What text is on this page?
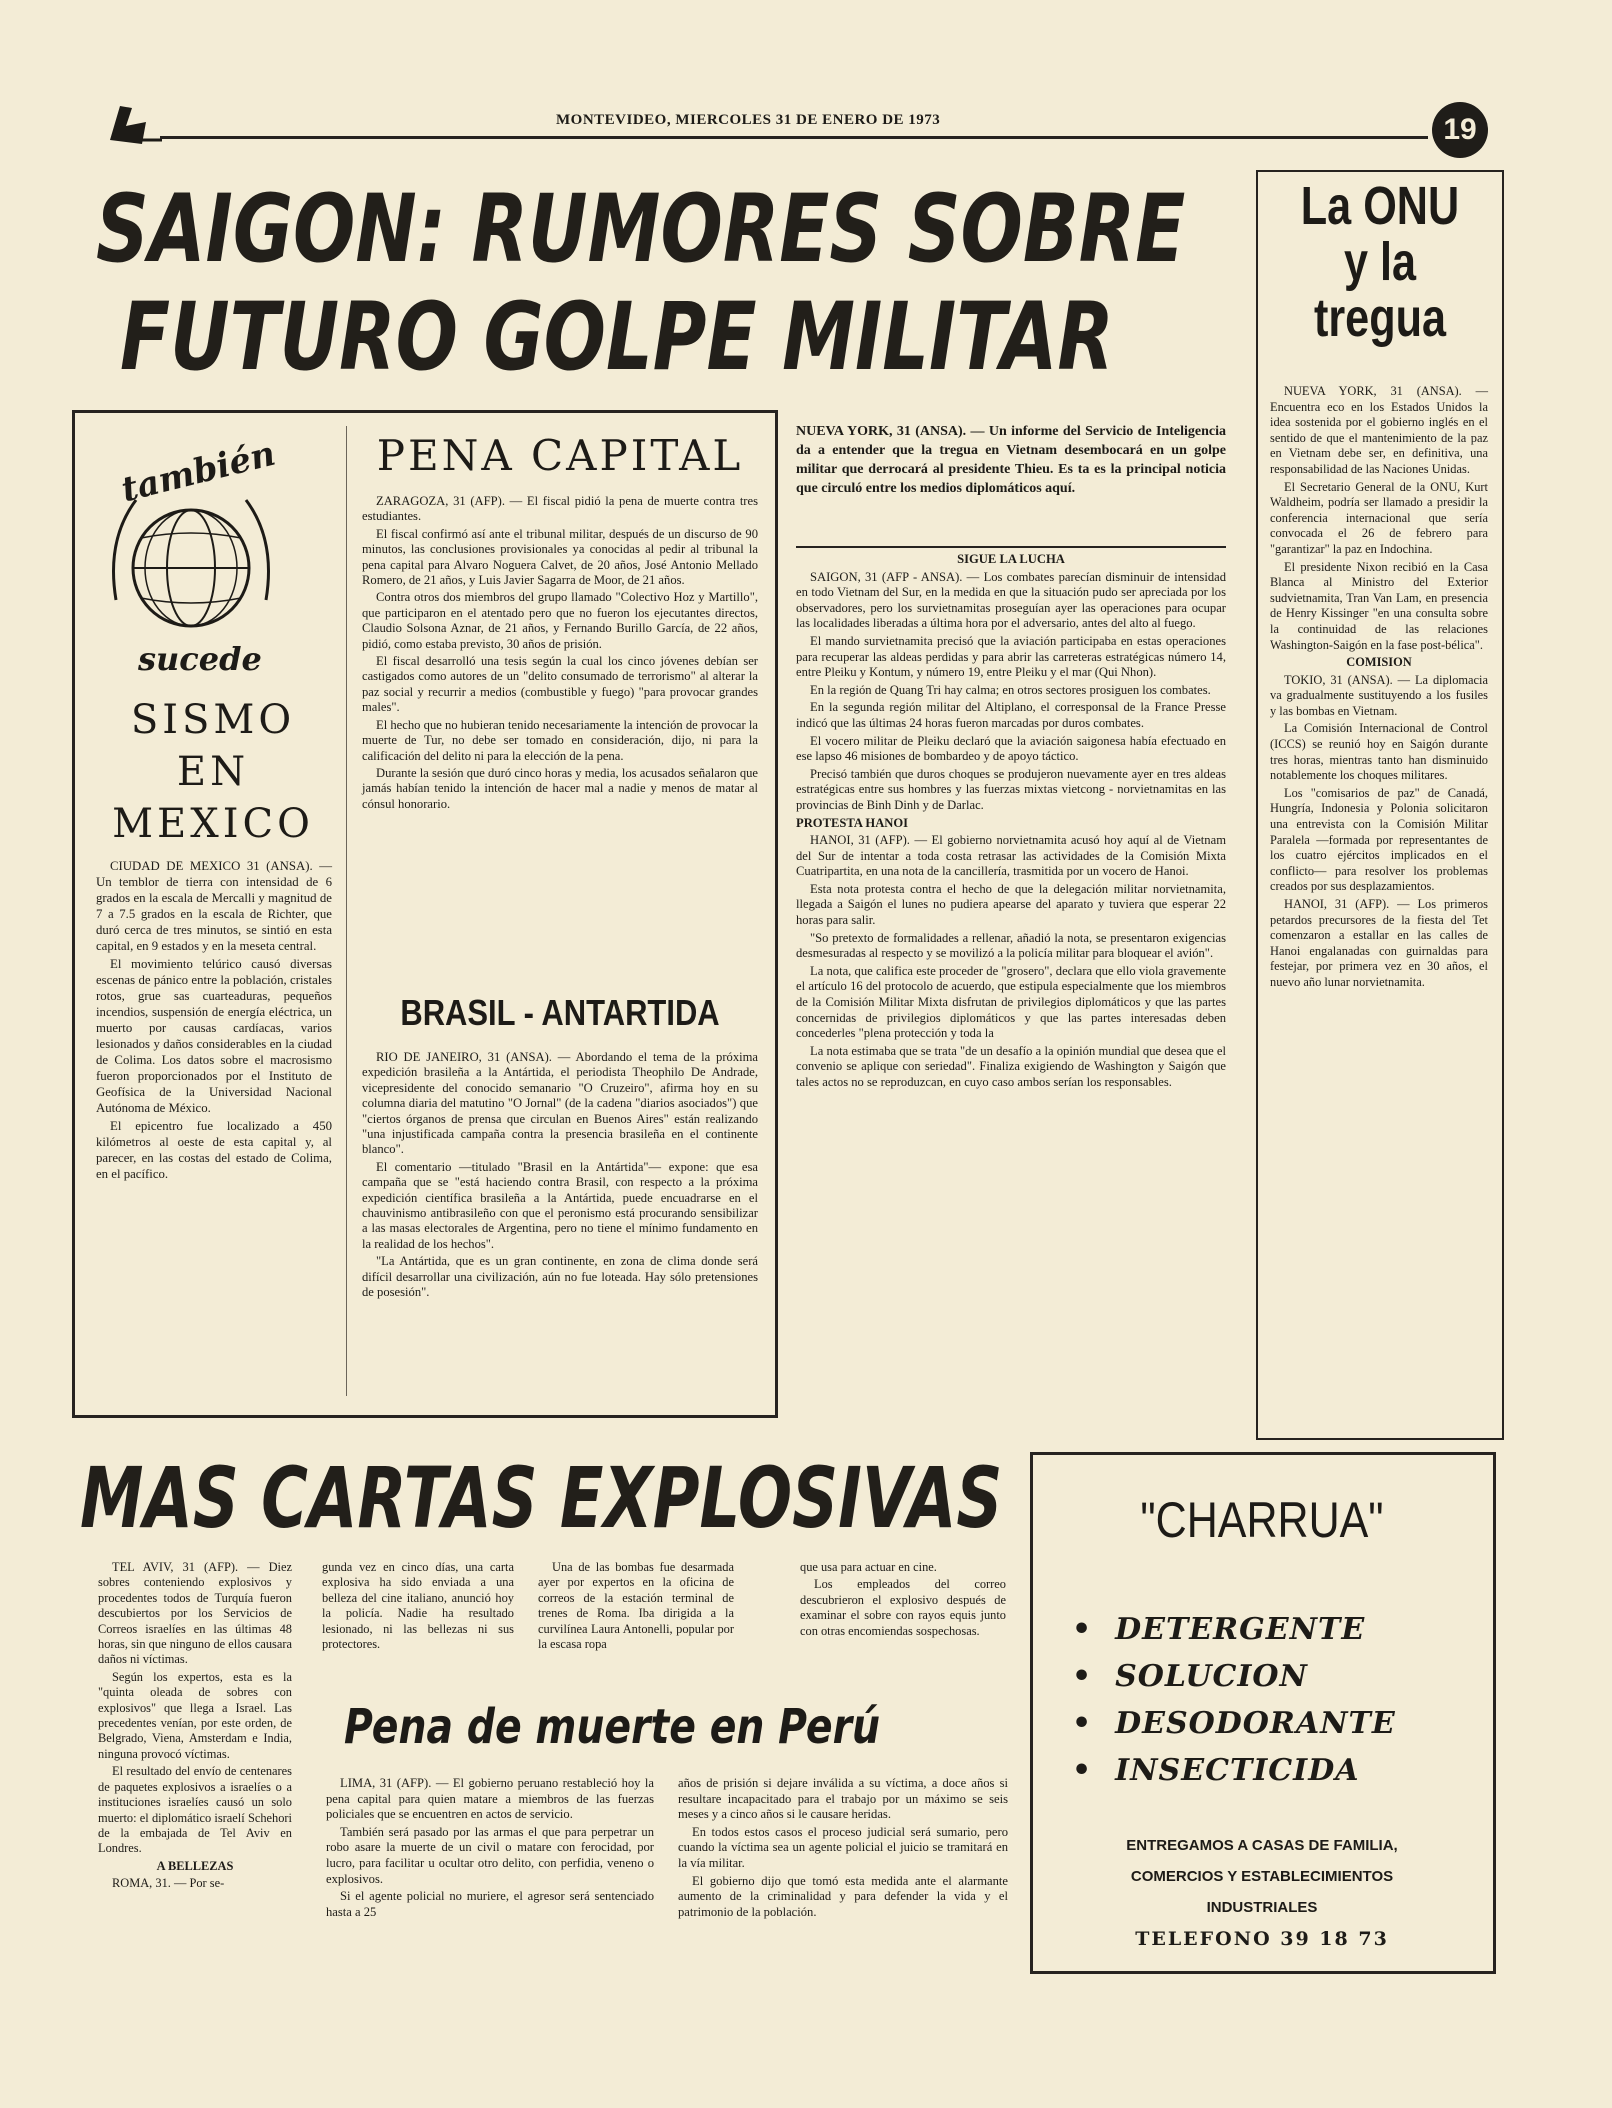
MONTEVIDEO, MIERCOLES 31 DE ENERO DE 1973	19
SAIGON: RUMORES SOBRE
FUTURO GOLPE MILITAR
también
sucede
SISMO
EN
MEXICO

CIUDAD DE MEXICO 31 (ANSA). — Un temblor de tierra con intensidad de 6 grados en la escala de Mercalli y magnitud de 7 a 7.5 grados en la escala de Richter, que duró cerca de tres minutos, se sintió en esta capital, en 9 estados y en la meseta central.

El movimiento telúrico causó diversas escenas de pánico entre la población, cristales rotos, grue sas cuarteaduras, pequeños incendios, suspensión de energía eléctrica, un muerto por causas cardíacas, varios lesionados y daños considerables en la ciudad de Colima. Los datos sobre el macrosismo fueron proporcionados por el Instituto de Geofísica de la Universidad Nacional Autónoma de México.

El epicentro fue localizado a 450 kilómetros al oeste de esta capital y, al parecer, en las costas del estado de Colima, en el pacífico.

PENA CAPITAL

ZARAGOZA, 31 (AFP). — El fiscal pidió la pena de muerte contra tres estudiantes.

El fiscal confirmó así ante el tribunal militar, después de un discurso de 90 minutos, las conclusiones provisionales ya conocidas al pedir al tribunal la pena capital para Alvaro Noguera Calvet, de 20 años, José Antonio Mellado Romero, de 21 años, y Luis Javier Sagarra de Moor, de 21 años.

Contra otros dos miembros del grupo llamado "Colectivo Hoz y Martillo", que participaron en el atentado pero que no fueron los ejecutantes directos, Claudio Solsona Aznar, de 21 años, y Fernando Burillo García, de 22 años, pidió, como estaba previsto, 30 años de prisión.

El fiscal desarrolló una tesis según la cual los cinco jóvenes debían ser castigados como autores de un "delito consumado de terrorismo" al alterar la paz social y recurrir a medios (combustible y fuego) "para provocar grandes males".

El hecho que no hubieran tenido necesariamente la intención de provocar la muerte de Tur, no debe ser tomado en consideración, dijo, ni para la calificación del delito ni para la elección de la pena.

Durante la sesión que duró cinco horas y media, los acusados señalaron que jamás habían tenido la intención de hacer mal a nadie y menos de matar al cónsul honorario.

BRASIL - ANTARTIDA

RIO DE JANEIRO, 31 (ANSA). — Abordando el tema de la próxima expedición brasileña a la Antártida, el periodista Theophilo De Andrade, vicepresidente del conocido semanario "O Cruzeiro", afirma hoy en su columna diaria del matutino "O Jornal" (de la cadena "diarios asociados") que "ciertos órganos de prensa que circulan en Buenos Aires" están realizando "una injustificada campaña contra la presencia brasileña en el continente blanco".

El comentario —titulado "Brasil en la Antártida"— expone: que esa campaña que se "está haciendo contra Brasil, con respecto a la próxima expedición científica brasileña a la Antártida, puede encuadrarse en el chauvinismo antibrasileño con que el peronismo está procurando sensibilizar a las masas electorales de Argentina, pero no tiene el mínimo fundamento en la realidad de los hechos".

"La Antártida, que es un gran continente, en zona de clima donde será difícil desarrollar una civilización, aún no fue loteada. Hay sólo pretensiones de posesión".

NUEVA YORK, 31 (ANSA). — Un informe del Servicio de Inteligencia da a entender que la tregua en Vietnam desembocará en un golpe militar que derrocará al presidente Thieu. Es ta es la principal noticia que circuló entre los medios diplomáticos aquí.

SIGUE LA LUCHA

SAIGON, 31 (AFP - ANSA). — Los combates parecían disminuir de intensidad en todo Vietnam del Sur, en la medida en que la situación pudo ser apreciada por los observadores, pero los survietnamitas proseguían ayer las operaciones para ocupar las localidades liberadas a última hora por el adversario, antes del alto al fuego.

El mando survietnamita precisó que la aviación participaba en estas operaciones para recuperar las aldeas perdidas y para abrir las carreteras estratégicas número 14, entre Pleiku y Kontum, y número 19, entre Pleiku y el mar (Qui Nhon).

En la región de Quang Tri hay calma; en otros sectores prosiguen los combates.

En la segunda región militar del Altiplano, el corresponsal de la France Presse indicó que las últimas 24 horas fueron marcadas por duros combates.

El vocero militar de Pleiku declaró que la aviación saigonesa había efectuado en ese lapso 46 misiones de bombardeo y de apoyo táctico.

Precisó también que duros choques se produjeron nuevamente ayer en tres aldeas estratégicas entre sus hombres y las fuerzas mixtas vietcong - norvietnamitas en las provincias de Binh Dinh y de Darlac.

PROTESTA HANOI

HANOI, 31 (AFP). — El gobierno norvietnamita acusó hoy aquí al de Vietnam del Sur de intentar a toda costa retrasar las actividades de la Comisión Mixta Cuatripartita, en una nota de la cancillería, trasmitida por un vocero de Hanoi.

Esta nota protesta contra el hecho de que la delegación militar norvietnamita, llegada a Saigón el lunes no pudiera apearse del aparato y tuviera que esperar 22 horas para salir.

"So pretexto de formalidades a rellenar, añadió la nota, se presentaron exigencias desmesuradas al respecto y se movilizó a la policía militar para bloquear el avión".

La nota, que califica este proceder de "grosero", declara que ello viola gravemente el artículo 16 del protocolo de acuerdo, que estipula especialmente que los miembros de la Comisión Militar Mixta disfrutan de privilegios diplomáticos y que las partes concernidas de privilegios diplomáticos y que las partes interesadas deben concederles "plena protección y toda la

La nota estimaba que se trata "de un desafío a la opinión mundial que desea que el convenio se aplique con seriedad". Finaliza exigiendo de Washington y Saigón que tales actos no se reproduzcan, en cuyo caso ambos serían los responsables.

La ONU
y la
tregua

NUEVA YORK, 31 (ANSA). — Encuentra eco en los Estados Unidos la idea sostenida por el gobierno inglés en el sentido de que el mantenimiento de la paz en Vietnam debe ser, en definitiva, una responsabilidad de las Naciones Unidas.

El Secretario General de la ONU, Kurt Waldheim, podría ser llamado a presidir la conferencia internacional que sería convocada el 26 de febrero para "garantizar" la paz en Indochina.

El presidente Nixon recibió en la Casa Blanca al Ministro del Exterior sudvietnamita, Tran Van Lam, en presencia de Henry Kissinger "en una consulta sobre la continuidad de las relaciones Washington-Saigón en la fase post-bélica".

COMISION

TOKIO, 31 (ANSA). — La diplomacia va gradualmente sustituyendo a los fusiles y las bombas en Vietnam.

La Comisión Internacional de Control (ICCS) se reunió hoy en Saigón durante tres horas, mientras tanto han disminuido notablemente los choques militares.

Los "comisarios de paz" de Canadá, Hungría, Indonesia y Polonia solicitaron una entrevista con la Comisión Militar Paralela —formada por representantes de los cuatro ejércitos implicados en el conflicto— para resolver los problemas creados por sus desplazamientos.

HANOI, 31 (AFP). — Los primeros petardos precursores de la fiesta del Tet comenzaron a estallar en las calles de Hanoi engalanadas con guirnaldas para festejar, por primera vez en 30 años, el nuevo año lunar norvietnamita.

MAS CARTAS EXPLOSIVAS

TEL AVIV, 31 (AFP). — Diez sobres conteniendo explosivos y procedentes todos de Turquía fueron descubiertos por los Servicios de Correos israelíes en las últimas 48 horas, sin que ninguno de ellos causara daños ni víctimas.

Según los expertos, esta es la "quinta oleada de sobres con explosivos" que llega a Israel. Las precedentes venían, por este orden, de Belgrado, Viena, Amsterdam e India, ninguna provocó víctimas.

El resultado del envío de centenares de paquetes explosivos a israelíes o a instituciones israelíes causó un solo muerto: el diplomático israelí Schehori de la embajada de Tel Aviv en Londres.

A BELLEZAS

ROMA, 31. — Por se-

gunda vez en cinco días, una carta explosiva ha sido enviada a una belleza del cine italiano, anunció hoy la policía. Nadie ha resultado lesionado, ni las bellezas ni sus protectores.

Una de las bombas fue desarmada ayer por expertos en la oficina de correos de la estación terminal de trenes de Roma. Iba dirigida a la curvilínea Laura Antonelli, popular por la escasa ropa

que usa para actuar en cine.

Los empleados del correo descubrieron el explosivo después de examinar el sobre con rayos equis junto con otras encomiendas sospechosas.

Pena de muerte en Perú

LIMA, 31 (AFP). — El gobierno peruano restableció hoy la pena capital para quien matare a miembros de las fuerzas policiales que se encuentren en actos de servicio.

También será pasado por las armas el que para perpetrar un robo asare la muerte de un civil o matare con ferocidad, por lucro, para facilitar u ocultar otro delito, con perfidia, veneno o explosivos.

Si el agente policial no muriere, el agresor será sentenciado hasta a 25

años de prisión si dejare inválida a su víctima, a doce años si resultare incapacitado para el trabajo por un máximo se seis meses y a cinco años si le causare heridas.

En todos estos casos el proceso judicial será sumario, pero cuando la víctima sea un agente policial el juicio se tramitará en la vía militar.

El gobierno dijo que tomó esta medida ante el alarmante aumento de la criminalidad y para defender la vida y el patrimonio de la población.

"CHARRUA"
•  DETERGENTE
•  SOLUCION
•  DESODORANTE
•  INSECTICIDA
ENTREGAMOS A CASAS DE FAMILIA,
COMERCIOS Y ESTABLECIMIENTOS
INDUSTRIALES
TELEFONO 39 18 73
